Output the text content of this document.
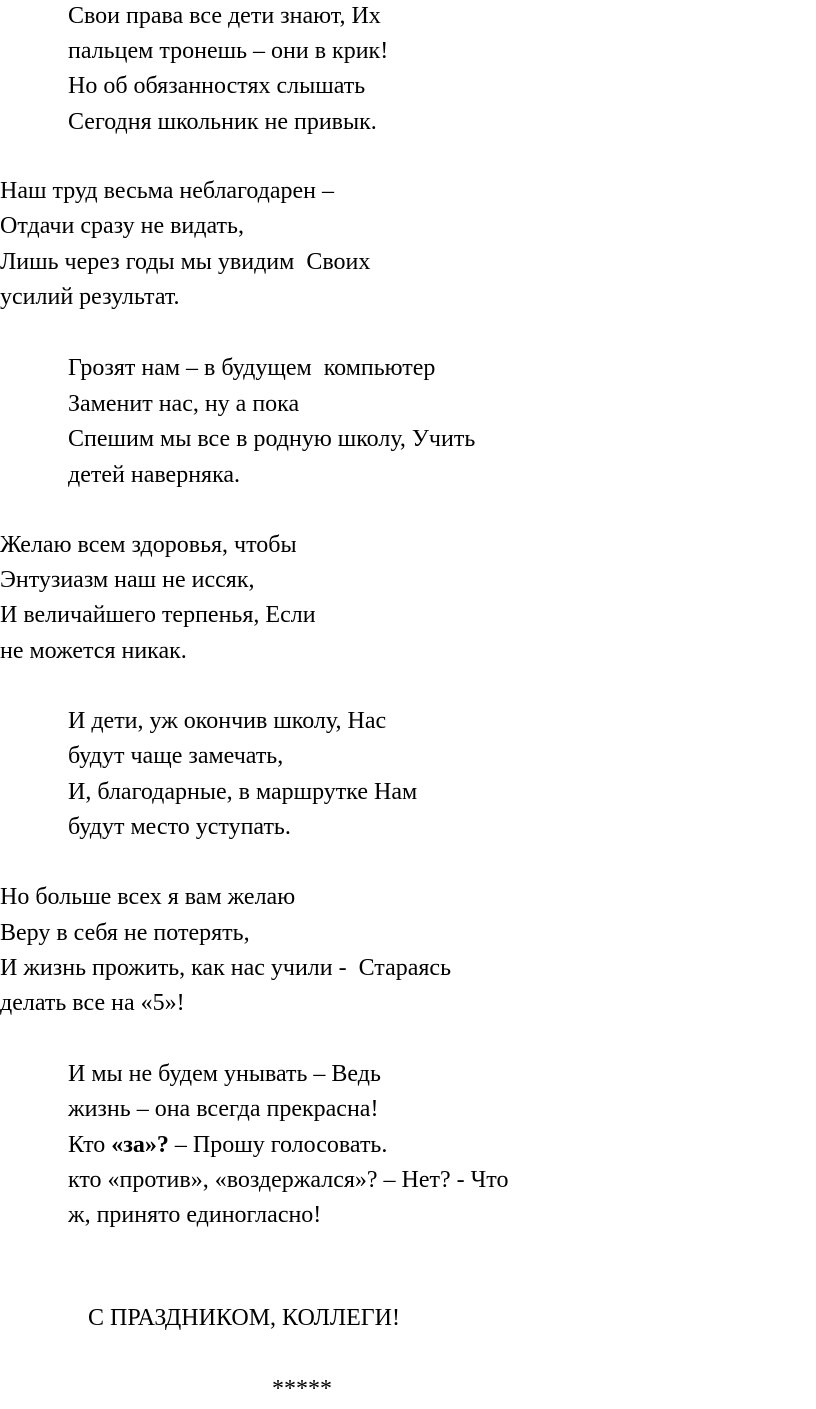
Свои права все дети знают, Их
пальцем тронешь – они в крик!
Но об обязанностях слышать
Сегодня школьник не привык.
Наш труд весьма неблагодарен –
Отдачи сразу не видать,
Лишь через годы мы увидим  Своих
усилий результат.
Грозят нам – в будущем  компьютер
Заменит нас, ну а пока
Спешим мы все в родную школу, Учить
детей наверняка.
Желаю всем здоровья, чтобы
Энтузиазм наш не иссяк,
И величайшего терпенья, Если
не можется никак.
И дети, уж окончив школу, Нас
будут чаще замечать,
И, благодарные, в маршрутке Нам
будут место уступать.
Но больше всех я вам желаю
Веру в себя не потерять,
И жизнь прожить, как нас учили -  Стараясь
делать все на «5»!
И мы не будем унывать – Ведь
жизнь – она всегда прекрасна!
Кто «за»? – Прошу голосовать.
кто «против», «воздержался»? – Нет? - Что
ж, принято единогласно!
С ПРАЗДНИКОМ, КОЛЛЕГИ!
*****
